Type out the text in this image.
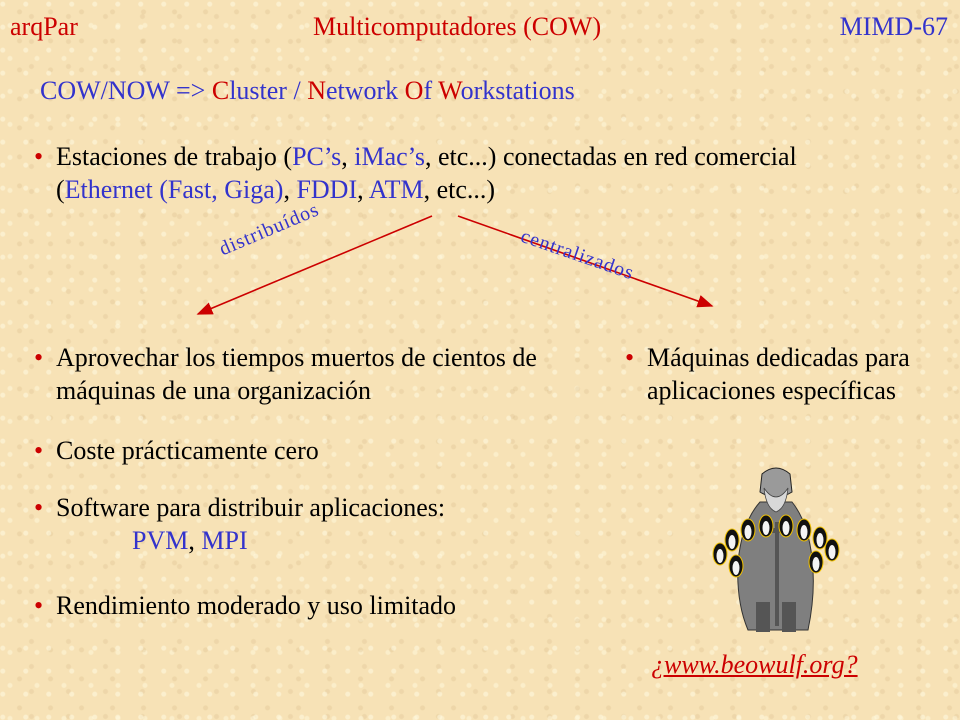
arqPar	Multicomputadores (COW)	MIMD-67
COW/NOW => Cluster / Network Of Workstations
• Estaciones de trabajo (PC’s, iMac’s, etc...) conectadas en red comercial (Ethernet (Fast, Giga), FDDI, ATM, etc...)
distribuídos	centralizados
• Aprovechar los tiempos muertos de cientos de máquinas de una organización
• Coste prácticamente cero
• Software para distribuir aplicaciones:
PVM, MPI
• Rendimiento moderado y uso limitado
• Máquinas dedicadas para aplicaciones específicas
¿www.beowulf.org?
